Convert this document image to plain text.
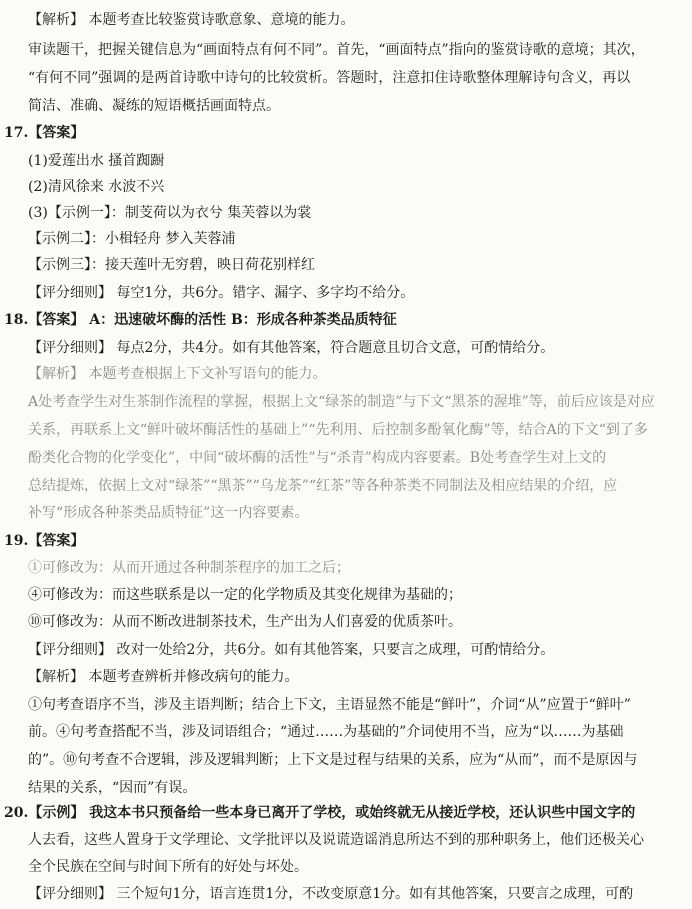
【解析】 本题考查比较鉴赏诗歌意象、意境的能力。
审读题干，把握关键信息为“画面特点有何不同”。首先，“画面特点”指向的鉴赏诗歌的意境；其次，
“有何不同”强调的是两首诗歌中诗句的比较赏析。答题时，注意扣住诗歌整体理解诗句含义，再以
简洁、准确、凝练的短语概括画面特点。
17.【答案】
(1)爱莲出水 搔首踟蹰
(2)清风徐来 水波不兴
(3)【示例一】：制芰荷以为衣兮 集芙蓉以为裳
【示例二】：小楫轻舟 梦入芙蓉浦
【示例三】：接天莲叶无穷碧，映日荷花别样红
【评分细则】 每空1分，共6分。错字、漏字、多字均不给分。
18.【答案】 A：迅速破坏酶的活性 B：形成各种茶类品质特征
【评分细则】 每点2分，共4分。如有其他答案，符合题意且切合文意，可酌情给分。
【解析】 本题考查根据上下文补写语句的能力。
A处考查学生对生茶制作流程的掌握，根据上文“绿茶的制造”与下文“黑茶的渥堆”等，前后应该是对应
关系，再联系上文“鲜叶破坏酶活性的基础上”“先利用、后控制多酚氧化酶”等，结合A的下文“到了多
酚类化合物的化学变化”，中间“破坏酶的活性”与“杀青”构成内容要素。B处考查学生对上文的
总结提炼，依据上文对“绿茶”“黑茶”“乌龙茶”“红茶”等各种茶类不同制法及相应结果的介绍，应
补写“形成各种茶类品质特征”这一内容要素。
19.【答案】
①可修改为：从而开通过各种制茶程序的加工之后；
④可修改为：而这些联系是以一定的化学物质及其变化规律为基础的；
⑩可修改为：从而不断改进制茶技术，生产出为人们喜爱的优质茶叶。
【评分细则】 改对一处给2分，共6分。如有其他答案，只要言之成理，可酌情给分。
【解析】 本题考查辨析并修改病句的能力。
①句考查语序不当，涉及主语判断；结合上下文，主语显然不能是“鲜叶”，介词“从”应置于“鲜叶”
前。④句考查搭配不当，涉及词语组合；“通过……为基础的”介词使用不当，应为“以……为基础
的”。⑩句考查不合逻辑，涉及逻辑判断；上下文是过程与结果的关系，应为“从而”，而不是原因与
结果的关系，“因而”有误。
20.【示例】 我这本书只预备给一些本身已离开了学校，或始终就无从接近学校，还认识些中国文字的
人去看，这些人置身于文学理论、文学批评以及说谎造谣消息所达不到的那种职务上，他们还极关心
全个民族在空间与时间下所有的好处与坏处。
【评分细则】 三个短句1分，语言连贯1分，不改变原意1分。如有其他答案，只要言之成理，可酌
